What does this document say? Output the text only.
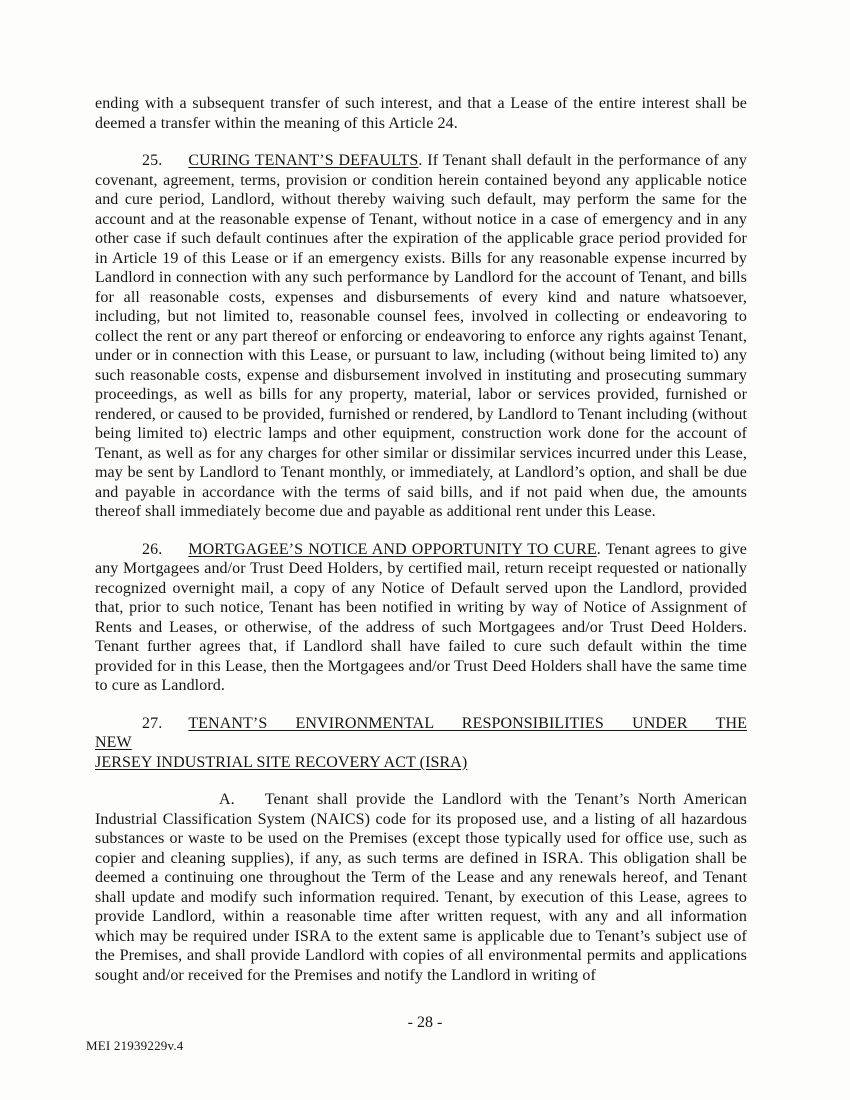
ending with a subsequent transfer of such interest, and that a Lease of the entire interest shall be deemed a transfer within the meaning of this Article 24.

25. CURING TENANT’S DEFAULTS. If Tenant shall default in the performance of any covenant, agreement, terms, provision or condition herein contained beyond any applicable notice and cure period, Landlord, without thereby waiving such default, may perform the same for the account and at the reasonable expense of Tenant, without notice in a case of emergency and in any other case if such default continues after the expiration of the applicable grace period provided for in Article 19 of this Lease or if an emergency exists. Bills for any reasonable expense incurred by Landlord in connection with any such performance by Landlord for the account of Tenant, and bills for all reasonable costs, expenses and disbursements of every kind and nature whatsoever, including, but not limited to, reasonable counsel fees, involved in collecting or endeavoring to collect the rent or any part thereof or enforcing or endeavoring to enforce any rights against Tenant, under or in connection with this Lease, or pursuant to law, including (without being limited to) any such reasonable costs, expense and disbursement involved in instituting and prosecuting summary proceedings, as well as bills for any property, material, labor or services provided, furnished or rendered, or caused to be provided, furnished or rendered, by Landlord to Tenant including (without being limited to) electric lamps and other equipment, construction work done for the account of Tenant, as well as for any charges for other similar or dissimilar services incurred under this Lease, may be sent by Landlord to Tenant monthly, or immediately, at Landlord’s option, and shall be due and payable in accordance with the terms of said bills, and if not paid when due, the amounts thereof shall immediately become due and payable as additional rent under this Lease.

26. MORTGAGEE’S NOTICE AND OPPORTUNITY TO CURE. Tenant agrees to give any Mortgagees and/or Trust Deed Holders, by certified mail, return receipt requested or nationally recognized overnight mail, a copy of any Notice of Default served upon the Landlord, provided that, prior to such notice, Tenant has been notified in writing by way of Notice of Assignment of Rents and Leases, or otherwise, of the address of such Mortgagees and/or Trust Deed Holders. Tenant further agrees that, if Landlord shall have failed to cure such default within the time provided for in this Lease, then the Mortgagees and/or Trust Deed Holders shall have the same time to cure as Landlord.

27. TENANT’S ENVIRONMENTAL RESPONSIBILITIES UNDER THE NEW
JERSEY INDUSTRIAL SITE RECOVERY ACT (ISRA)

A. Tenant shall provide the Landlord with the Tenant’s North American Industrial Classification System (NAICS) code for its proposed use, and a listing of all hazardous substances or waste to be used on the Premises (except those typically used for office use, such as copier and cleaning supplies), if any, as such terms are defined in ISRA. This obligation shall be deemed a continuing one throughout the Term of the Lease and any renewals hereof, and Tenant shall update and modify such information required. Tenant, by execution of this Lease, agrees to provide Landlord, within a reasonable time after written request, with any and all information which may be required under ISRA to the extent same is applicable due to Tenant’s subject use of the Premises, and shall provide Landlord with copies of all environmental permits and applications sought and/or received for the Premises and notify the Landlord in writing of

- 28 -
MEI 21939229v.4
